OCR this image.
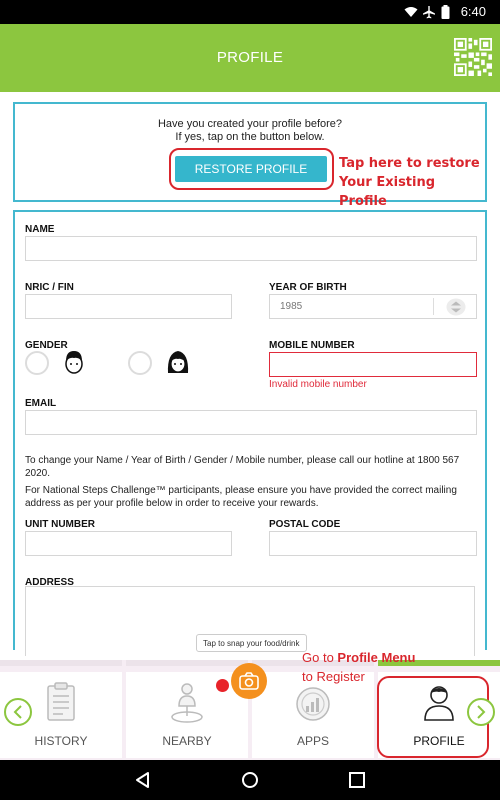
6:40
PROFILE
Have you created your profile before?
If yes, tap on the button below.
RESTORE PROFILE	Tap here to restore
Your Existing Profile
NAME
NRIC / FIN	YEAR OF BIRTH
1985
GENDER	MOBILE NUMBER
Invalid mobile number
EMAIL
To change your Name / Year of Birth / Gender / Mobile number, please call our hotline at 1800 567
2020.
For National Steps Challenge™ participants, please ensure you have provided the correct mailing
address as per your profile below in order to receive your rewards.
UNIT NUMBER	POSTAL CODE
ADDRESS
HISTORY	NEARBY	APPS	PROFILE
Tap to snap your food/drink
Go to Profile Menu
to Register
